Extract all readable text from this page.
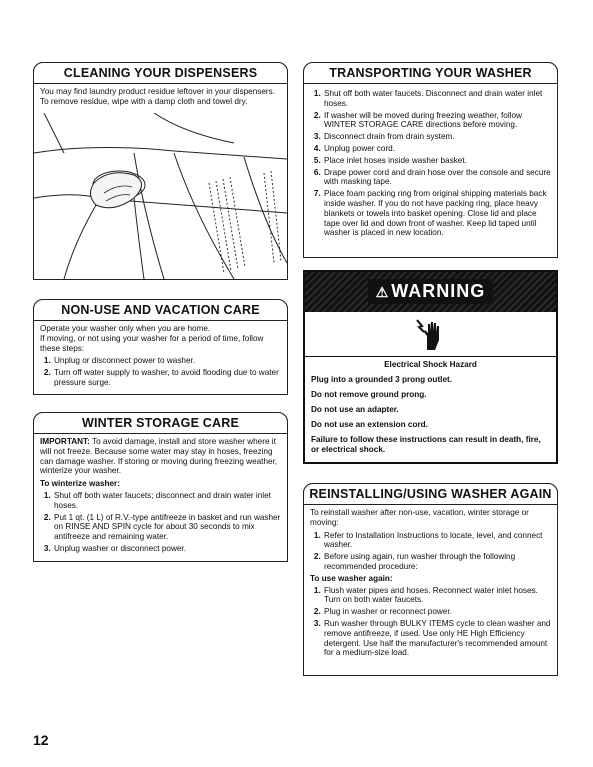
CLEANING YOUR DISPENSERS

You may find laundry product residue leftover in your dispensers. To remove residue, wipe with a damp cloth and towel dry.

NON-USE AND VACATION CARE

Operate your washer only when you are home.

If moving, or not using your washer for a period of time, follow these steps:

1. Unplug or disconnect power to washer.
2. Turn off water supply to washer, to avoid flooding due to water pressure surge.
WINTER STORAGE CARE

IMPORTANT: To avoid damage, install and store washer where it will not freeze. Because some water may stay in hoses, freezing can damage washer. If storing or moving during freezing weather, winterize your washer.

To winterize washer:
1. Shut off both water faucets; disconnect and drain water inlet hoses.
2. Put 1 qt. (1 L) of R.V.-type antifreeze in basket and run washer on RINSE AND SPIN cycle for about 30 seconds to mix antifreeze and remaining water.
3. Unplug washer or disconnect power.
TRANSPORTING YOUR WASHER
1. Shut off both water faucets. Disconnect and drain water inlet hoses.
2. If washer will be moved during freezing weather, follow WINTER STORAGE CARE directions before moving.
3. Disconnect drain from drain system.
4. Unplug power cord.
5. Place inlet hoses inside washer basket.
6. Drape power cord and drain hose over the console and secure with masking tape.
7. Place foam packing ring from original shipping materials back inside washer. If you do not have packing ring, place heavy blankets or towels into basket opening. Close lid and place tape over lid and down front of washer. Keep lid taped until washer is placed in new location.
⚠ WARNING
Electrical Shock Hazard
Plug into a grounded 3 prong outlet.
Do not remove ground prong.
Do not use an adapter.
Do not use an extension cord.
Failure to follow these instructions can result in death, fire, or electrical shock.
REINSTALLING/USING WASHER AGAIN

To reinstall washer after non-use, vacation, winter storage or moving:

1. Refer to Installation Instructions to locate, level, and connect washer.
2. Before using again, run washer through the following recommended procedure:
To use washer again:
1. Flush water pipes and hoses. Reconnect water inlet hoses. Turn on both water faucets.
2. Plug in washer or reconnect power.
3. Run washer through BULKY ITEMS cycle to clean washer and remove antifreeze, if used. Use only HE High Efficiency detergent. Use half the manufacturer's recommended amount for a medium-size load.
12
